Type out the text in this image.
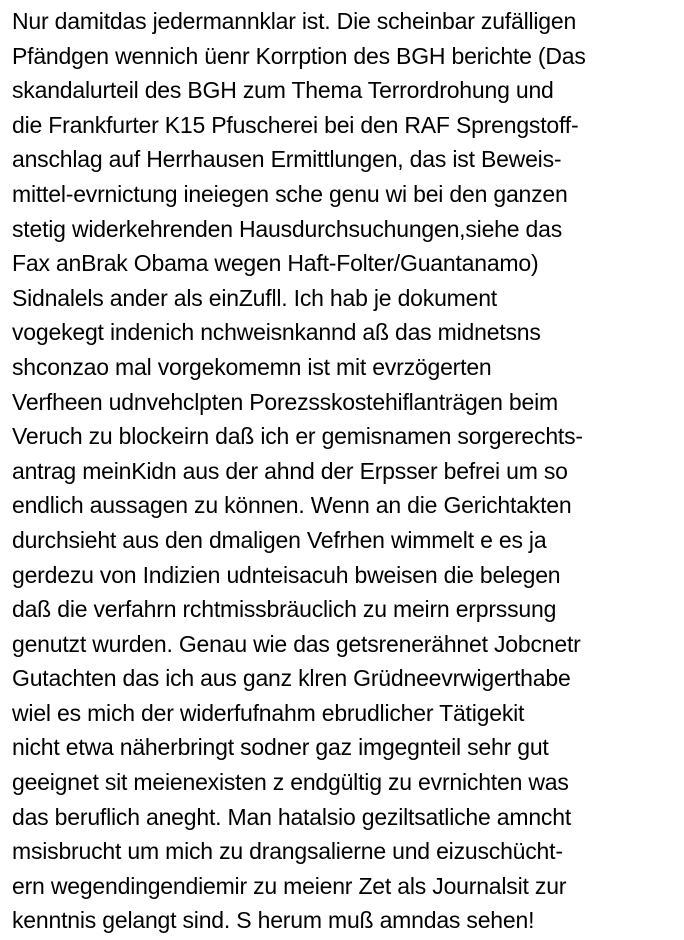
Nur damitdas jedermannklar ist. Die scheinbar zufälligen
Pfändgen wennich üenr Korrption des BGH berichte (Das
skandalurteil des BGH zum Thema Terrordrohung und
die Frankfurter K15 Pfuscherei bei den RAF Sprengstoff-
anschlag auf Herrhausen Ermittlungen, das ist Beweis-
mittel-evrnictung ineiegen sche genu wi bei den ganzen
stetig widerkehrenden Hausdurchsuchungen,siehe das
Fax anBrak Obama wegen Haft-Folter/Guantanamo)
Sidnalels ander als einZufll. Ich hab je dokument
vogekegt indenich nchweisnkannd aß das midnetsns
shconzao mal vorgekomemn ist mit evrzögerten
Verfheen udnvehclpten Porezsskostehiflanträgen beim
Veruch zu blockeirn daß ich er gemisnamen sorgerechts-
antrag meinKidn aus der ahnd der Erpsser befrei um so
endlich aussagen zu können. Wenn an die Gerichtakten
durchsieht aus den dmaligen Vefrhen wimmelt e es ja
gerdezu von Indizien udnteisacuh bweisen die belegen
daß die verfahrn rchtmissbräuclich zu meirn erprssung
genutzt wurden. Genau wie das getsrenerähnet Jobcnetr
Gutachten das ich aus ganz klren Grüdneevrwigerthabe
wiel es mich der widerfufnahm ebrudlicher Tätigekit
nicht etwa näherbringt sodner gaz imgegnteil sehr gut
geeignet sit meienexisten z endgültig zu evrnichten was
das beruflich aneght. Man hatalsio geziltsatliche amncht
msisbrucht um mich zu drangsalierne und eizuschücht-
ern wegendingendiemir zu meienr Zet als Journalsit zur
kenntnis gelangt sind. S herum muß amndas sehen!
